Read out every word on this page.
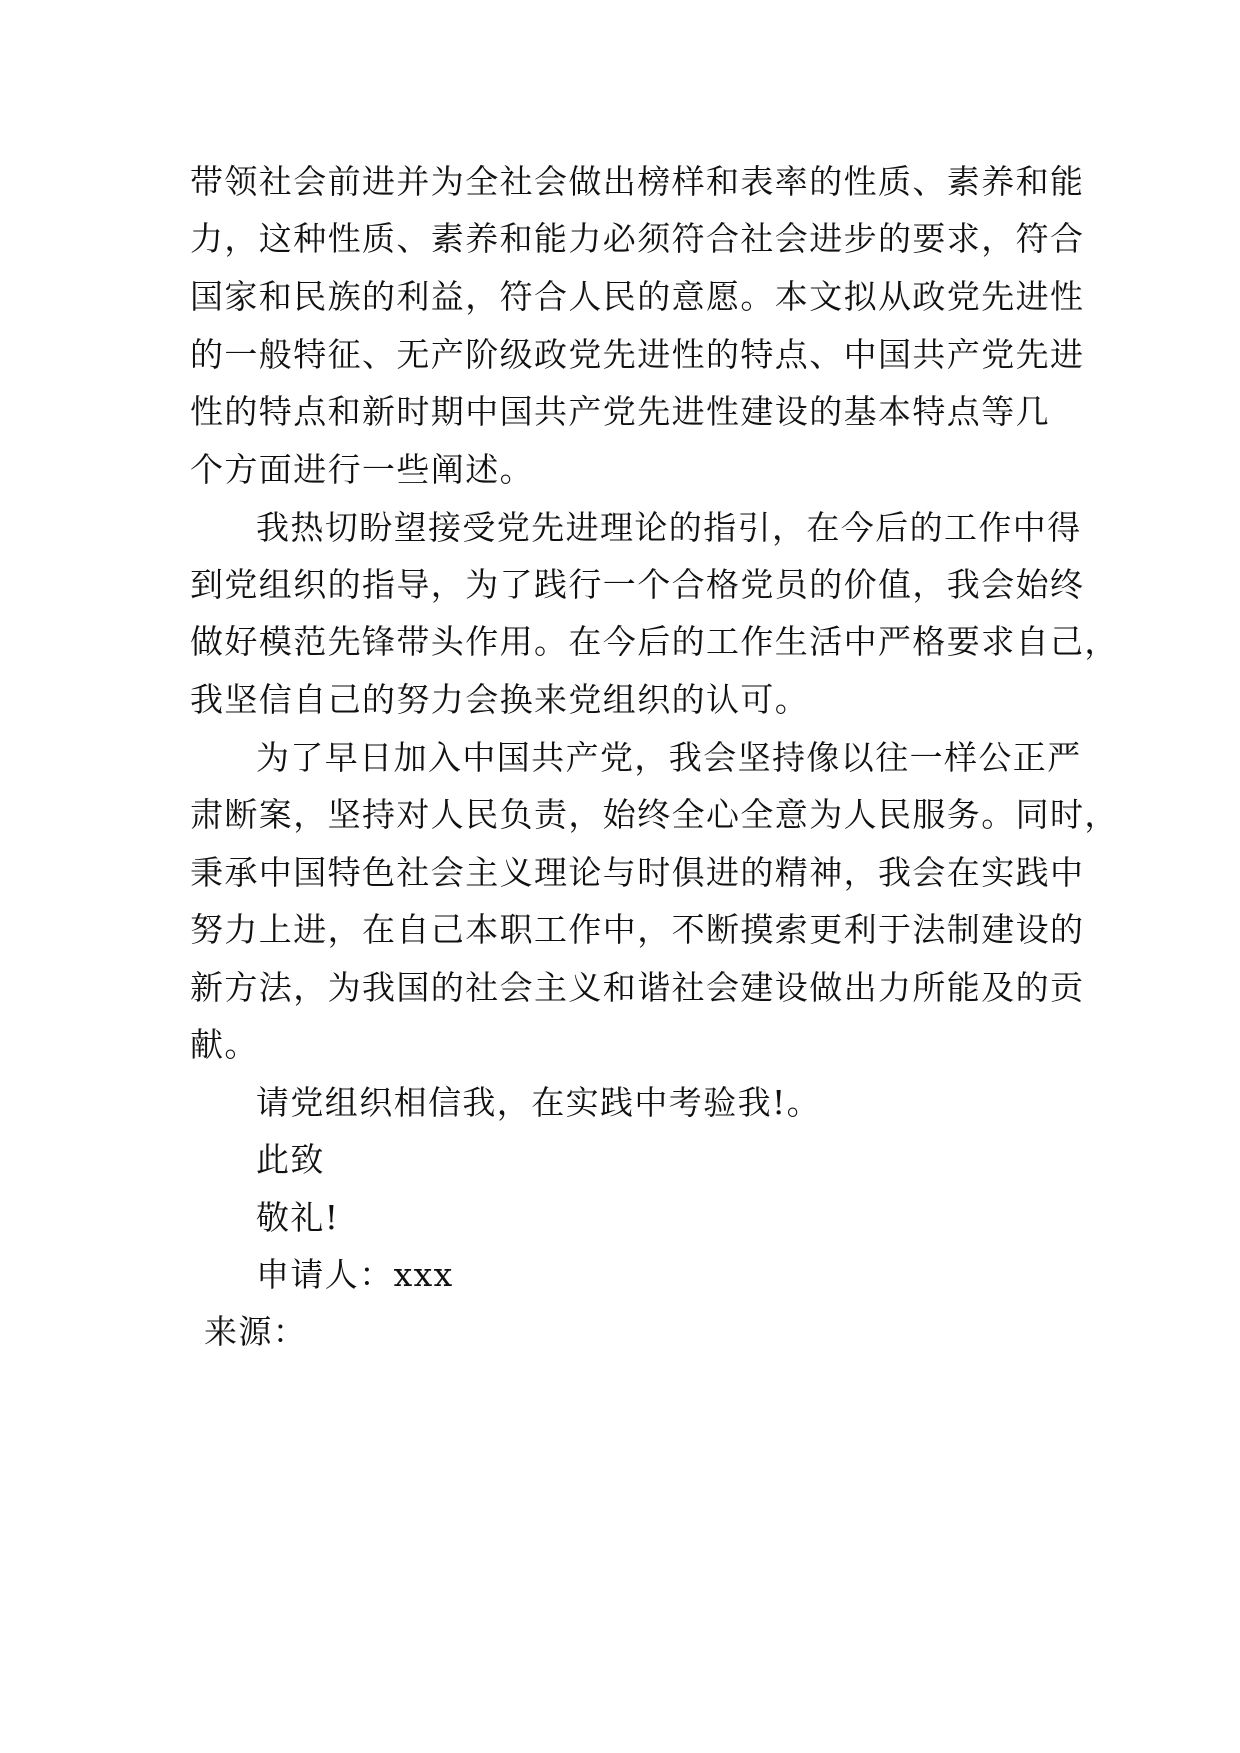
带领社会前进并为全社会做出榜样和表率的性质、素养和能
力，这种性质、素养和能力必须符合社会进步的要求，符合
国家和民族的利益，符合人民的意愿。本文拟从政党先进性
的一般特征、无产阶级政党先进性的特点、中国共产党先进
性的特点和新时期中国共产党先进性建设的基本特点等几
个方面进行一些阐述。
我热切盼望接受党先进理论的指引，在今后的工作中得
到党组织的指导，为了践行一个合格党员的价值，我会始终
做好模范先锋带头作用。在今后的工作生活中严格要求自己，
我坚信自己的努力会换来党组织的认可。
为了早日加入中国共产党，我会坚持像以往一样公正严
肃断案，坚持对人民负责，始终全心全意为人民服务。同时，
秉承中国特色社会主义理论与时俱进的精神，我会在实践中
努力上进，在自己本职工作中，不断摸索更利于法制建设的
新方法，为我国的社会主义和谐社会建设做出力所能及的贡
献。
请党组织相信我，在实践中考验我!。
此致
敬礼!
申请人：xxx
来源：
